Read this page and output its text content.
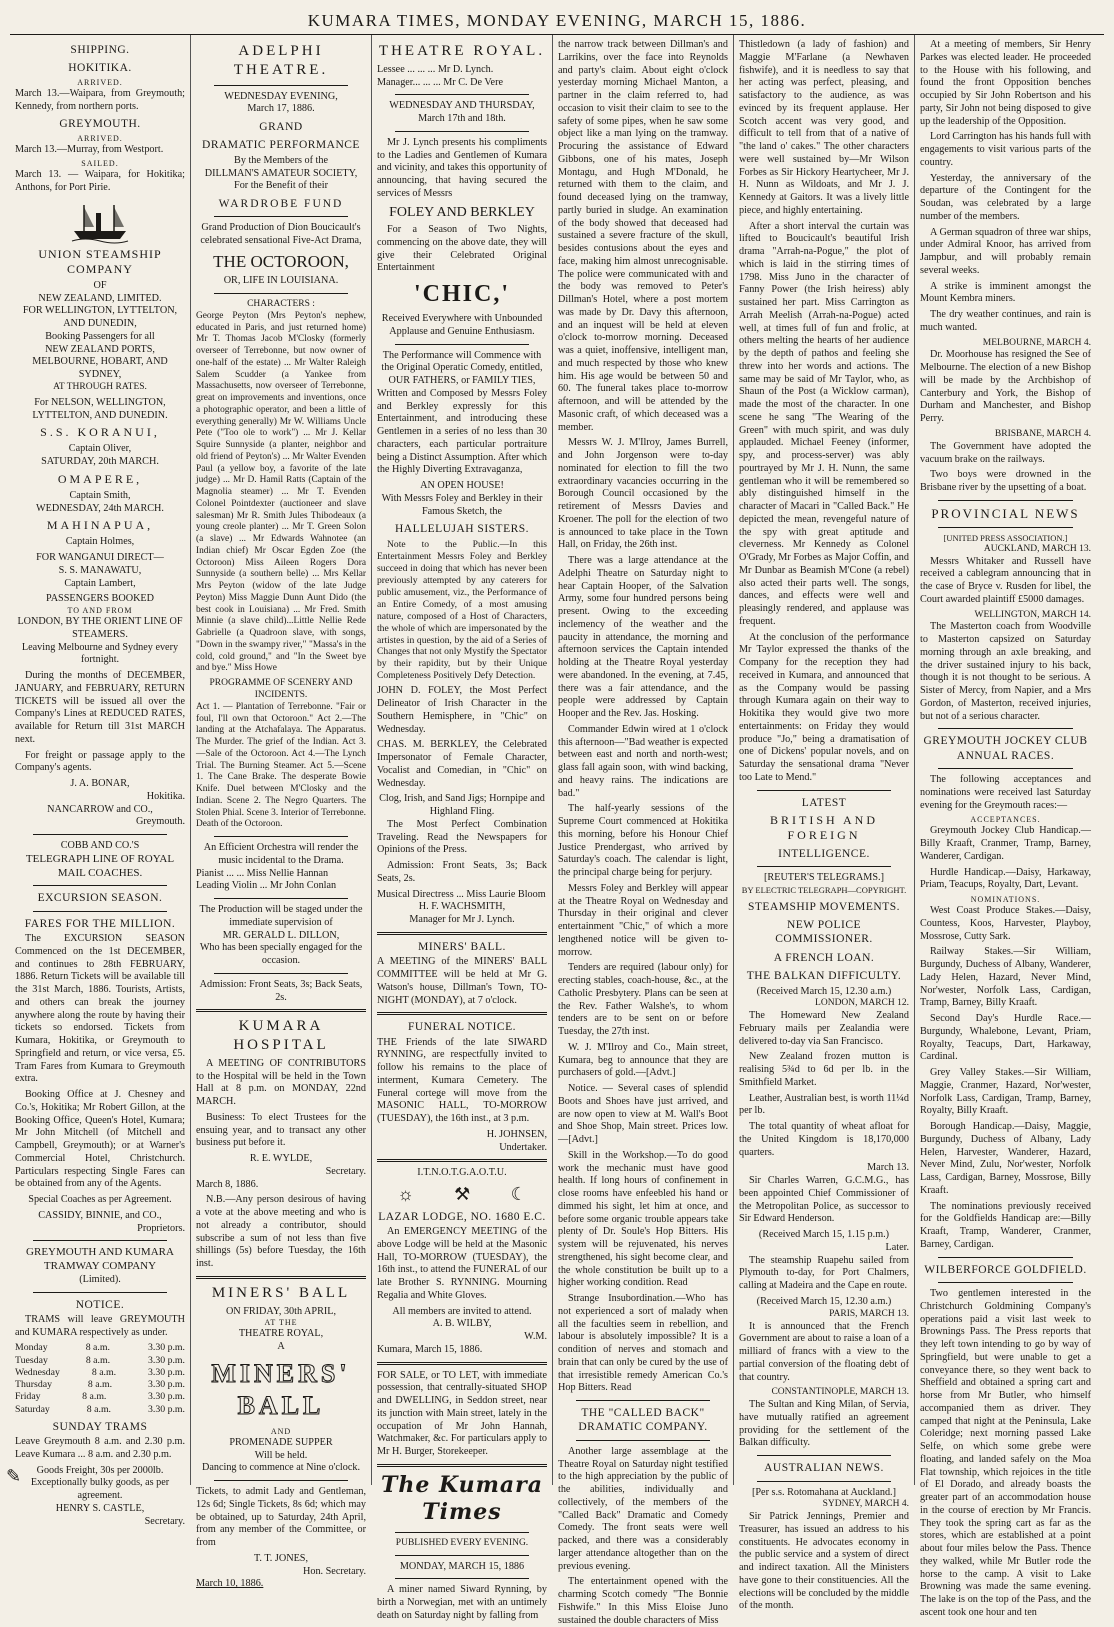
KUMARA TIMES, MONDAY EVENING, MARCH 15, 1886.
SHIPPING.
HOKITIKA.
ARRIVED.

March 13.—Waipara, from Greymouth; Kennedy, from northern ports.

GREYMOUTH.
ARRIVED.

March 13.—Murray, from Westport.

SAILED.

March 13. — Waipara, for Hokitika; Anthons, for Port Pirie.

UNION STEAMSHIP COMPANY
OF
NEW ZEALAND, LIMITED.
FOR WELLINGTON, LYTTELTON, AND DUNEDIN,
Booking Passengers for all
NEW ZEALAND PORTS, MELBOURNE, HOBART, AND SYDNEY,
AT THROUGH RATES.
For NELSON, WELLINGTON, LYTTELTON, AND DUNEDIN.
S.S. KORANUI,
Captain Oliver,
SATURDAY, 20th MARCH.
OMAPERE,
Captain Smith,
WEDNESDAY, 24th MARCH.
MAHINAPUA,
Captain Holmes,
FOR WANGANUI DIRECT—
S. S. MANAWATU,
Captain Lambert,
PASSENGERS BOOKED
TO AND FROM
LONDON, BY THE ORIENT LINE OF STEAMERS.
Leaving Melbourne and Sydney every fortnight.

During the months of DECEMBER, JANUARY, and FEBRUARY, RETURN TICKETS will be issued all over the Company's Lines at REDUCED RATES, available for Return till 31st MARCH next.

For freight or passage apply to the Company's agents.

J. A. BONAR,
Hokitika.
NANCARROW and CO.,
Greymouth.
COBB AND CO.'S
TELEGRAPH LINE OF ROYAL MAIL COACHES.
EXCURSION SEASON.
FARES FOR THE MILLION.

The EXCURSION SEASON Commenced on the 1st DECEMBER, and continues to 28th FEBRUARY, 1886. Return Tickets will be available till the 31st March, 1886. Tourists, Artists, and others can break the journey anywhere along the route by having their tickets so endorsed. Tickets from Kumara, Hokitika, or Greymouth to Springfield and return, or vice versa, £5. Tram Fares from Kumara to Greymouth extra.

Booking Office at J. Chesney and Co.'s, Hokitika; Mr Robert Gillon, at the Booking Office, Queen's Hotel, Kumara; Mr John Mitchell (of Mitchell and Campbell, Greymouth); or at Warner's Commercial Hotel, Christchurch. Particulars respecting Single Fares can be obtained from any of the Agents.

Special Coaches as per Agreement.
CASSIDY, BINNIE, and CO.,
Proprietors.
GREYMOUTH AND KUMARA TRAMWAY COMPANY
(Limited).
NOTICE.

TRAMS will leave GREYMOUTH and KUMARA respectively as under.

Monday	8 a.m.	3.30 p.m.
Tuesday	8 a.m.	3.30 p.m.
Wednesday	8 a.m.	3.30 p.m.
Thursday	8 a.m.	3.30 p.m.
Friday	8 a.m.	3.30 p.m.
Saturday	8 a.m.	3.30 p.m.
SUNDAY TRAMS

Leave Greymouth 8 a.m. and 2.30 p.m. Leave Kumara ... 8 a.m. and 2.30 p.m.

Goods Freight, 30s per 2000lb.
Exceptionally bulky goods, as per agreement.
HENRY S. CASTLE,
Secretary.
ADELPHI THEATRE.
WEDNESDAY EVENING,
March 17, 1886.
GRAND
DRAMATIC PERFORMANCE
By the Members of the
DILLMAN'S AMATEUR SOCIETY,
For the Benefit of their
WARDROBE FUND
Grand Production of Dion Boucicault's celebrated sensational Five-Act Drama,
THE OCTOROON,
OR, LIFE IN LOUISIANA.
CHARACTERS :

George Peyton (Mrs Peyton's nephew, educated in Paris, and just returned home) Mr T. Thomas Jacob M'Closky (formerly overseer of Terrebonne, but now owner of one-half of the estate) ... Mr Walter Raleigh Salem Scudder (a Yankee from Massachusetts, now overseer of Terrebonne, great on improvements and inventions, once a photographic operator, and been a little of everything generally) Mr W. Williams Uncle Pete ("Too ole to work") ... Mr J. Kellar Squire Sunnyside (a planter, neighbor and old friend of Peyton's) ... Mr Walter Evenden Paul (a yellow boy, a favorite of the late judge) ... Mr D. Hamil Ratts (Captain of the Magnolia steamer) ... Mr T. Evenden Colonel Pointdexter (auctioneer and slave salesman) Mr R. Smith Jules Thibodeaux (a young creole planter) ... Mr T. Green Solon (a slave) ... Mr Edwards Wahnotee (an Indian chief) Mr Oscar Egden Zoe (the Octoroon) Miss Aileen Rogers Dora Sunnyside (a southern belle) ... Mrs Kellar Mrs Peyton (widow of the late Judge Peyton) Miss Maggie Dunn Aunt Dido (the best cook in Louisiana) ... Mr Fred. Smith Minnie (a slave child)...Little Nellie Rede Gabrielle (a Quadroon slave, with songs, "Down in the swampy river," "Massa's in the cold, cold ground," and "In the Sweet bye and bye." Miss Howe

PROGRAMME OF SCENERY AND INCIDENTS.

Act 1. — Plantation of Terrebonne. "Fair or foul, I'll own that Octoroon." Act 2.—The landing at the Atchafalaya. The Apparatus. The Murder. The grief of the Indian. Act 3.—Sale of the Octoroon. Act 4.—The Lynch Trial. The Burning Steamer. Act 5.—Scene 1. The Cane Brake. The desperate Bowie Knife. Duel between M'Closky and the Indian. Scene 2. The Negro Quarters. The Stolen Phial. Scene 3. Interior of Terrebonne. Death of the Octoroon.

An Efficient Orchestra will render the music incidental to the Drama.
Pianist ... ... Miss Nellie Hannan
Leading Violin ... Mr John Conlan
The Production will be staged under the immediate supervision of
MR. GERALD L. DILLON,
Who has been specially engaged for the occasion.
Admission: Front Seats, 3s; Back Seats, 2s.
KUMARA HOSPITAL

A MEETING OF CONTRIBUTORS to the Hospital will be held in the Town Hall at 8 p.m. on MONDAY, 22nd MARCH.

Business: To elect Trustees for the ensuing year, and to transact any other business put before it.

R. E. WYLDE,
Secretary.
March 8, 1886.

N.B.—Any person desirous of having a vote at the above meeting and who is not already a contributor, should subscribe a sum of not less than five shillings (5s) before Tuesday, the 16th inst.

MINERS' BALL
ON FRIDAY, 30th APRIL,
AT THE
THEATRE ROYAL,
A
MINERS' BALL
AND
PROMENADE SUPPER
Will be held.
Dancing to commence at Nine o'clock.

Tickets, to admit Lady and Gentleman, 12s 6d; Single Tickets, 8s 6d; which may be obtained, up to Saturday, 24th April, from any member of the Committee, or from

T. T. JONES,
Hon. Secretary.
March 10, 1886.
THEATRE ROYAL.
Lessee ... ... ... Mr D. Lynch.
Manager... ... ... Mr C. De Vere
WEDNESDAY AND THURSDAY,
March 17th and 18th.

Mr J. Lynch presents his compliments to the Ladies and Gentlemen of Kumara and vicinity, and takes this opportunity of announcing, that having secured the services of Messrs

FOLEY AND BERKLEY

For a Season of Two Nights, commencing on the above date, they will give their Celebrated Original Entertainment

'CHIC,'
Received Everywhere with Unbounded Applause and Genuine Enthusiasm.
The Performance will Commence with the Original Operatic Comedy, entitled,
OUR FATHERS, or FAMILY TIES,

Written and Composed by Messrs Foley and Berkley expressly for this Entertainment, and introducing these Gentlemen in a series of no less than 30 characters, each particular portraiture being a Distinct Assumption. After which the Highly Diverting Extravaganza,

AN OPEN HOUSE!
With Messrs Foley and Berkley in their Famous Sketch, the
HALLELUJAH SISTERS.

Note to the Public.—In this Entertainment Messrs Foley and Berkley succeed in doing that which has never been previously attempted by any caterers for public amusement, viz., the Performance of an Entire Comedy, of a most amusing nature, composed of a Host of Characters, the whole of which are impersonated by the artistes in question, by the aid of a Series of Changes that not only Mystify the Spectator by their rapidity, but by their Unique Completeness Positively Defy Detection.

JOHN D. FOLEY, the Most Perfect Delineator of Irish Character in the Southern Hemisphere, in "Chic" on Wednesday.

CHAS. M. BERKLEY, the Celebrated Impersonator of Female Character, Vocalist and Comedian, in "Chic" on Wednesday.

Clog, Irish, and Sand Jigs; Hornpipe and Highland Fling.

The Most Perfect Combination Traveling. Read the Newspapers for Opinions of the Press.

Admission: Front Seats, 3s; Back Seats, 2s.

Musical Directress ... Miss Laurie Bloom
H. F. WACHSMITH,
Manager for Mr J. Lynch.
MINERS' BALL.

A MEETING of the MINERS' BALL COMMITTEE will be held at Mr G. Watson's house, Dillman's Town, TO-NIGHT (MONDAY), at 7 o'clock.

FUNERAL NOTICE.

THE Friends of the late SIWARD RYNNING, are respectfully invited to follow his remains to the place of interment, Kumara Cemetery. The Funeral cortege will move from the MASONIC HALL, TO-MORROW (TUESDAY), the 16th inst., at 3 p.m.

H. JOHNSEN,
Undertaker.
I.T.N.O.T.G.A.O.T.U.
☼ ⚒ ☾
LAZAR LODGE, NO. 1680 E.C.

An EMERGENCY MEETING of the above Lodge will be held at the Masonic Hall, TO-MORROW (TUESDAY), the 16th inst., to attend the FUNERAL of our late Brother S. RYNNING. Mourning Regalia and White Gloves.

All members are invited to attend.
A. B. WILBY,
W.M.
Kumara, March 15, 1886.

FOR SALE, or TO LET, with immediate possession, that centrally-situated SHOP and DWELLING, in Seddon street, near its junction with Main street, lately in the occupation of Mr John Hannah, Watchmaker, &c. For particulars apply to Mr H. Burger, Storekeeper.

The Kumara Times
PUBLISHED EVERY EVENING.
MONDAY, MARCH 15, 1886

A miner named Siward Rynning, by birth a Norwegian, met with an untimely death on Saturday night by falling from

the narrow track between Dillman's and Larrikins, over the face into Reynolds and party's claim. About eight o'clock yesterday morning Michael Manton, a partner in the claim referred to, had occasion to visit their claim to see to the safety of some pipes, when he saw some object like a man lying on the tramway. Procuring the assistance of Edward Gibbons, one of his mates, Joseph Montagu, and Hugh M'Donald, he returned with them to the claim, and found deceased lying on the tramway, partly buried in sludge. An examination of the body showed that deceased had sustained a severe fracture of the skull, besides contusions about the eyes and face, making him almost unrecognisable. The police were communicated with and the body was removed to Peter's Dillman's Hotel, where a post mortem was made by Dr. Davy this afternoon, and an inquest will be held at eleven o'clock to-morrow morning. Deceased was a quiet, inoffensive, intelligent man, and much respected by those who knew him. His age would be between 50 and 60. The funeral takes place to-morrow afternoon, and will be attended by the Masonic craft, of which deceased was a member.

Messrs W. J. M'Ilroy, James Burrell, and John Jorgenson were to-day nominated for election to fill the two extraordinary vacancies occurring in the Borough Council occasioned by the retirement of Messrs Davies and Kroener. The poll for the election of two is announced to take place in the Town Hall, on Friday, the 26th inst.

There was a large attendance at the Adelphi Theatre on Saturday night to hear Captain Hooper, of the Salvation Army, some four hundred persons being present. Owing to the exceeding inclemency of the weather and the paucity in attendance, the morning and afternoon services the Captain intended holding at the Theatre Royal yesterday were abandoned. In the evening, at 7.45, there was a fair attendance, and the people were addressed by Captain Hooper and the Rev. Jas. Hosking.

Commander Edwin wired at 1 o'clock this afternoon—"Bad weather is expected between east and north and north-west; glass fall again soon, with wind backing, and heavy rains. The indications are bad."

The half-yearly sessions of the Supreme Court commenced at Hokitika this morning, before his Honour Chief Justice Prendergast, who arrived by Saturday's coach. The calendar is light, the principal charge being for perjury.

Messrs Foley and Berkley will appear at the Theatre Royal on Wednesday and Thursday in their original and clever entertainment "Chic," of which a more lengthened notice will be given to-morrow.

Tenders are required (labour only) for erecting stables, coach-house, &c., at the Catholic Presbytery. Plans can be seen at the Rev. Father Walshe's, to whom tenders are to be sent on or before Tuesday, the 27th inst.

W. J. M'Ilroy and Co., Main street, Kumara, beg to announce that they are purchasers of gold.—[Advt.]

Notice. — Several cases of splendid Boots and Shoes have just arrived, and are now open to view at M. Wall's Boot and Shoe Shop, Main street. Prices low.—[Advt.]

Skill in the Workshop.—To do good work the mechanic must have good health. If long hours of confinement in close rooms have enfeebled his hand or dimmed his sight, let him at once, and before some organic trouble appears take plenty of Dr. Soule's Hop Bitters. His system will be rejuvenated, his nerves strengthened, his sight become clear, and the whole constitution be built up to a higher working condition. Read

Strange Insubordination.—Who has not experienced a sort of malady when all the faculties seem in rebellion, and labour is absolutely impossible? It is a condition of nerves and stomach and brain that can only be cured by the use of that irresistible remedy American Co.'s Hop Bitters. Read

THE "CALLED BACK" DRAMATIC COMPANY.

Another large assemblage at the Theatre Royal on Saturday night testified to the high appreciation by the public of the abilities, individually and collectively, of the members of the "Called Back" Dramatic and Comedy Comedy. The front seats were well packed, and there was a considerably larger attendance altogether than on the previous evening.

The entertainment opened with the charming Scotch comedy "The Bonnie Fishwife." In this Miss Eloise Juno sustained the double characters of Miss

Thistledown (a lady of fashion) and Maggie M'Farlane (a Newhaven fishwife), and it is needless to say that her acting was perfect, pleasing, and satisfactory to the audience, as was evinced by its frequent applause. Her Scotch accent was very good, and difficult to tell from that of a native of "the land o' cakes." The other characters were well sustained by—Mr Wilson Forbes as Sir Hickory Heartycheer, Mr J. H. Nunn as Wildoats, and Mr J. J. Kennedy at Gaitors. It was a lively little piece, and highly entertaining.

After a short interval the curtain was lifted to Boucicault's beautiful Irish drama "Arrah-na-Pogue," the plot of which is laid in the stirring times of 1798. Miss Juno in the character of Fanny Power (the Irish heiress) ably sustained her part. Miss Carrington as Arrah Meelish (Arrah-na-Pogue) acted well, at times full of fun and frolic, at others melting the hearts of her audience by the depth of pathos and feeling she threw into her words and actions. The same may be said of Mr Taylor, who, as Shaun of the Post (a Wicklow carman), made the most of the character. In one scene he sang "The Wearing of the Green" with much spirit, and was duly applauded. Michael Feeney (informer, spy, and process-server) was ably pourtrayed by Mr J. H. Nunn, the same gentleman who it will be remembered so ably distinguished himself in the character of Macari in "Called Back." He depicted the mean, revengeful nature of the spy with great aptitude and cleverness. Mr Kennedy as Colonel O'Grady, Mr Forbes as Major Coffin, and Mr Dunbar as Beamish M'Cone (a rebel) also acted their parts well. The songs, dances, and effects were well and pleasingly rendered, and applause was frequent.

At the conclusion of the performance Mr Taylor expressed the thanks of the Company for the reception they had received in Kumara, and announced that as the Company would be passing through Kumara again on their way to Hokitika they would give two more entertainments: on Friday they would produce "Jo," being a dramatisation of one of Dickens' popular novels, and on Saturday the sensational drama "Never too Late to Mend."

LATEST
BRITISH AND FOREIGN
INTELLIGENCE.
[REUTER'S TELEGRAMS.]
BY ELECTRIC TELEGRAPH—COPYRIGHT.
STEAMSHIP MOVEMENTS.
NEW POLICE COMMISSIONER.
A FRENCH LOAN.
THE BALKAN DIFFICULTY.
(Received March 15, 12.30 a.m.)
LONDON, MARCH 12.

The Homeward New Zealand February mails per Zealandia were delivered to-day via San Francisco.

New Zealand frozen mutton is realising 5¾d to 6d per lb. in the Smithfield Market.

Leather, Australian best, is worth 11¼d per lb.

The total quantity of wheat afloat for the United Kingdom is 18,170,000 quarters.

March 13.

Sir Charles Warren, G.C.M.G., has been appointed Chief Commissioner of the Metropolitan Police, as successor to Sir Edward Henderson.

(Received March 15, 1.15 p.m.)
Later.

The steamship Ruapehu sailed from Plymouth to-day, for Port Chalmers, calling at Madeira and the Cape en route.

(Received March 15, 12.30 a.m.)
PARIS, MARCH 13.

It is announced that the French Government are about to raise a loan of a milliard of francs with a view to the partial conversion of the floating debt of that country.

CONSTANTINOPLE, MARCH 13.

The Sultan and King Milan, of Servia, have mutually ratified an agreement providing for the settlement of the Balkan difficulty.

AUSTRALIAN NEWS.
[Per s.s. Rotomahana at Auckland.]
SYDNEY, MARCH 4.

Sir Patrick Jennings, Premier and Treasurer, has issued an address to his constituents. He advocates economy in the public service and a system of direct and indirect taxation. All the Ministers have gone to their constituencies. All the elections will be concluded by the middle of the month.

At a meeting of members, Sir Henry Parkes was elected leader. He proceeded to the House with his following, and found the front Opposition benches occupied by Sir John Robertson and his party, Sir John not being disposed to give up the leadership of the Opposition.

Lord Carrington has his hands full with engagements to visit various parts of the country.

Yesterday, the anniversary of the departure of the Contingent for the Soudan, was celebrated by a large number of the members.

A German squadron of three war ships, under Admiral Knoor, has arrived from Jampbur, and will probably remain several weeks.

A strike is imminent amongst the Mount Kembra miners.

The dry weather continues, and rain is much wanted.

MELBOURNE, MARCH 4.

Dr. Moorhouse has resigned the See of Melbourne. The election of a new Bishop will be made by the Archbishop of Canterbury and York, the Bishop of Durham and Manchester, and Bishop Perry.

BRISBANE, MARCH 4.

The Government have adopted the vacuum brake on the railways.

Two boys were drowned in the Brisbane river by the upsetting of a boat.

PROVINCIAL NEWS
[UNITED PRESS ASSOCIATION.]
AUCKLAND, MARCH 13.

Messrs Whitaker and Russell have received a cablegram announcing that in the case of Bryce v. Rusden for libel, the Court awarded plaintiff £5000 damages.

WELLINGTON, MARCH 14.

The Masterton coach from Woodville to Masterton capsized on Saturday morning through an axle breaking, and the driver sustained injury to his back, though it is not thought to be serious. A Sister of Mercy, from Napier, and a Mrs Gordon, of Masterton, received injuries, but not of a serious character.

GREYMOUTH JOCKEY CLUB ANNUAL RACES.

The following acceptances and nominations were received last Saturday evening for the Greymouth races:—

ACCEPTANCES.

Greymouth Jockey Club Handicap.—Billy Kraaft, Cranmer, Tramp, Barney, Wanderer, Cardigan.

Hurdle Handicap.—Daisy, Harkaway, Priam, Teacups, Royalty, Dart, Levant.

NOMINATIONS.

West Coast Produce Stakes.—Daisy, Countess, Koos, Harvester, Playboy, Mossrose, Cutty Sark.

Railway Stakes.—Sir William, Burgundy, Duchess of Albany, Wanderer, Lady Helen, Hazard, Never Mind, Nor'wester, Norfolk Lass, Cardigan, Tramp, Barney, Billy Kraaft.

Second Day's Hurdle Race.—Burgundy, Whalebone, Levant, Priam, Royalty, Teacups, Dart, Harkaway, Cardinal.

Grey Valley Stakes.—Sir William, Maggie, Cranmer, Hazard, Nor'wester, Norfolk Lass, Cardigan, Tramp, Barney, Royalty, Billy Kraaft.

Borough Handicap.—Daisy, Maggie, Burgundy, Duchess of Albany, Lady Helen, Harvester, Wanderer, Hazard, Never Mind, Zulu, Nor'wester, Norfolk Lass, Cardigan, Barney, Mossrose, Billy Kraaft.

The nominations previously received for the Goldfields Handicap are:—Billy Kraaft, Tramp, Wanderer, Cranmer, Barney, Cardigan.

WILBERFORCE GOLDFIELD.

Two gentlemen interested in the Christchurch Goldmining Company's operations paid a visit last week to Brownings Pass. The Press reports that they left town intending to go by way of Springfield, but were unable to get a conveyance there, so they went back to Sheffield and obtained a spring cart and horse from Mr Butler, who himself accompanied them as driver. They camped that night at the Peninsula, Lake Coleridge; next morning passed Lake Selfe, on which some grebe were floating, and landed safely on the Moa Flat township, which rejoices in the title of El Dorado, and already boasts the greater part of an accommodation house in the course of erection by Mr Francis. They took the spring cart as far as the stores, which are established at a point about four miles below the Pass. Thence they walked, while Mr Butler rode the horse to the camp. A visit to Lake Browning was made the same evening. The lake is on the top of the Pass, and the ascent took one hour and ten

✎
